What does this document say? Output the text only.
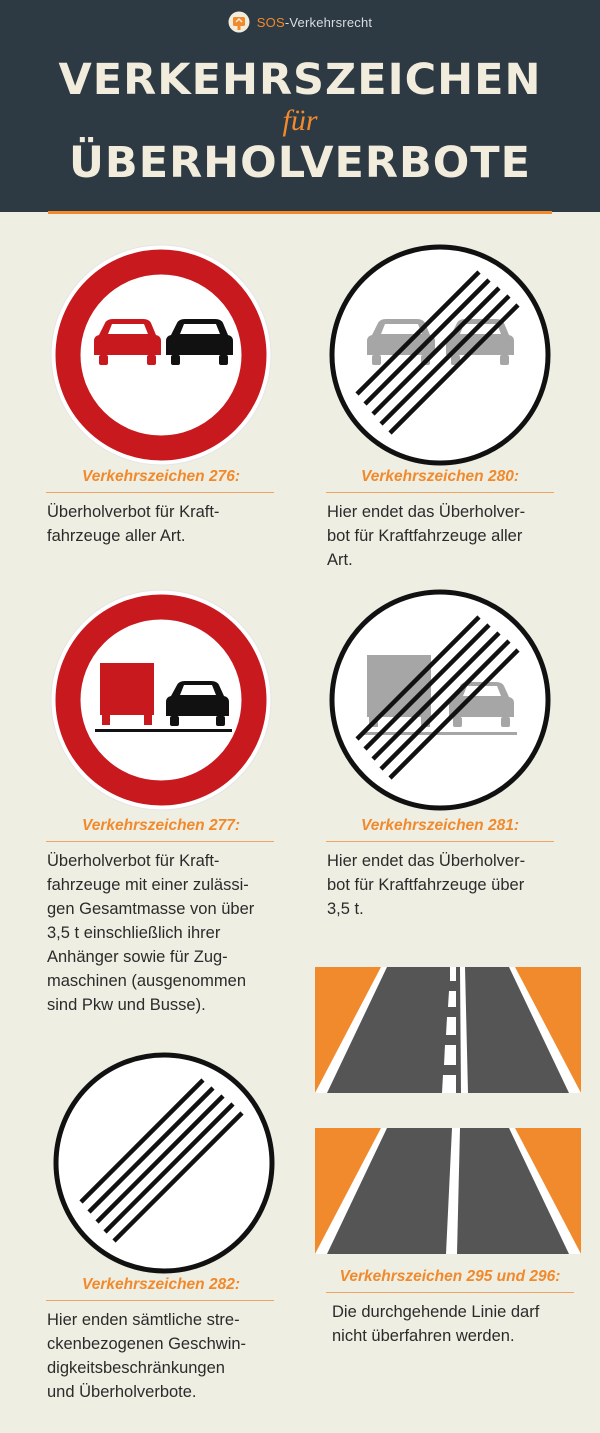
SOS-Verkehrsrecht
VERKEHRSZEICHEN
für
ÜBERHOLVERBOTE
Verkehrszeichen 276:
Überholverbot für Kraft-
fahrzeuge aller Art.
Verkehrszeichen 280:
Hier endet das Überholver-
bot für Kraftfahrzeuge aller
Art.
Verkehrszeichen 277:
Überholverbot für Kraft-
fahrzeuge mit einer zulässi-
gen Gesamtmasse von über
3,5 t einschließlich ihrer
Anhänger sowie für Zug-
maschinen (ausgenommen
sind Pkw und Busse).
Verkehrszeichen 281:
Hier endet das Überholver-
bot für Kraftfahrzeuge über
3,5 t.
Verkehrszeichen 282:
Hier enden sämtliche stre-
ckenbezogenen Geschwin-
digkeitsbeschränkungen
und Überholverbote.
Verkehrszeichen 295 und 296:
Die durchgehende Linie darf
nicht überfahren werden.
